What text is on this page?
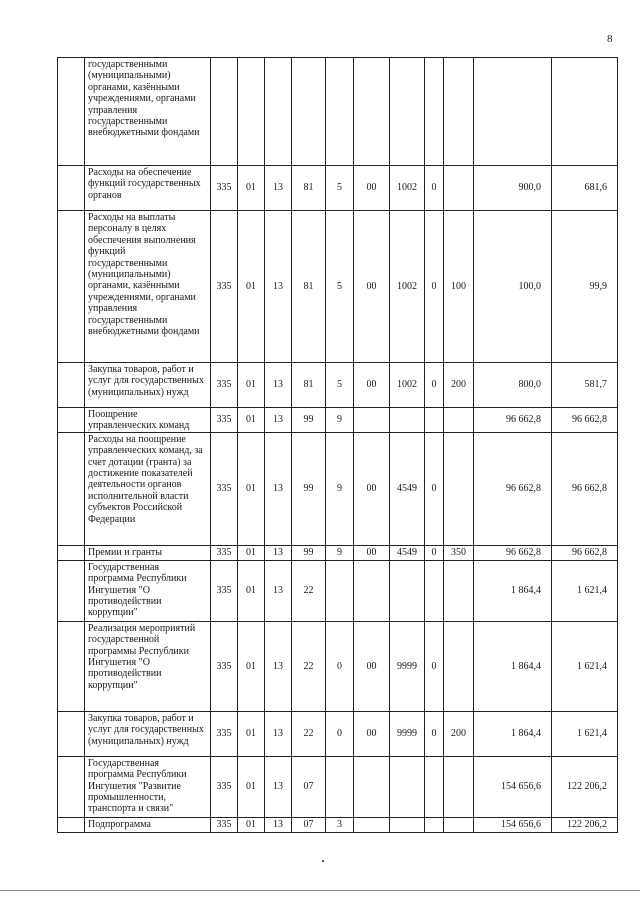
8
	государственными (муниципальными) органами, казёнными учреждениями, органами управления государственными внебюджетными фондами											
	Расходы на обеспечение функций государственных органов	335	01	13	81	5	00	1002	0		900,0	681,6
	Расходы на выплаты персоналу в целях обеспечения выполнения функций государственными (муниципальными) органами, казёнными учреждениями, органами управления государственными внебюджетными фондами	335	01	13	81	5	00	1002	0	100	100,0	99,9
	Закупка товаров, работ и услуг для государственных (муниципальных) нужд	335	01	13	81	5	00	1002	0	200	800,0	581,7
	Поощрение управленческих команд	335	01	13	99	9					96 662,8	96 662,8
	Расходы на поощрение управленческих команд, за счет дотации (гранта) за достижение показателей деятельности органов исполнительной власти субъектов Российской Федерации	335	01	13	99	9	00	4549	0		96 662,8	96 662,8
	Премии и гранты	335	01	13	99	9	00	4549	0	350	96 662,8	96 662,8
	Государственная программа Республики Ингушетия "О противодействии коррупции"	335	01	13	22						1 864,4	1 621,4
	Реализация мероприятий государственной программы Республики Ингушетия "О противодействии коррупции"	335	01	13	22	0	00	9999	0		1 864,4	1 621,4
	Закупка товаров, работ и услуг для государственных (муниципальных) нужд	335	01	13	22	0	00	9999	0	200	1 864,4	1 621,4
	Государственная программа Республики Ингушетия "Развитие промышленности, транспорта и связи"	335	01	13	07						154 656,6	122 206,2
	Подпрограмма	335	01	13	07	3					154 656,6	122 206,2
